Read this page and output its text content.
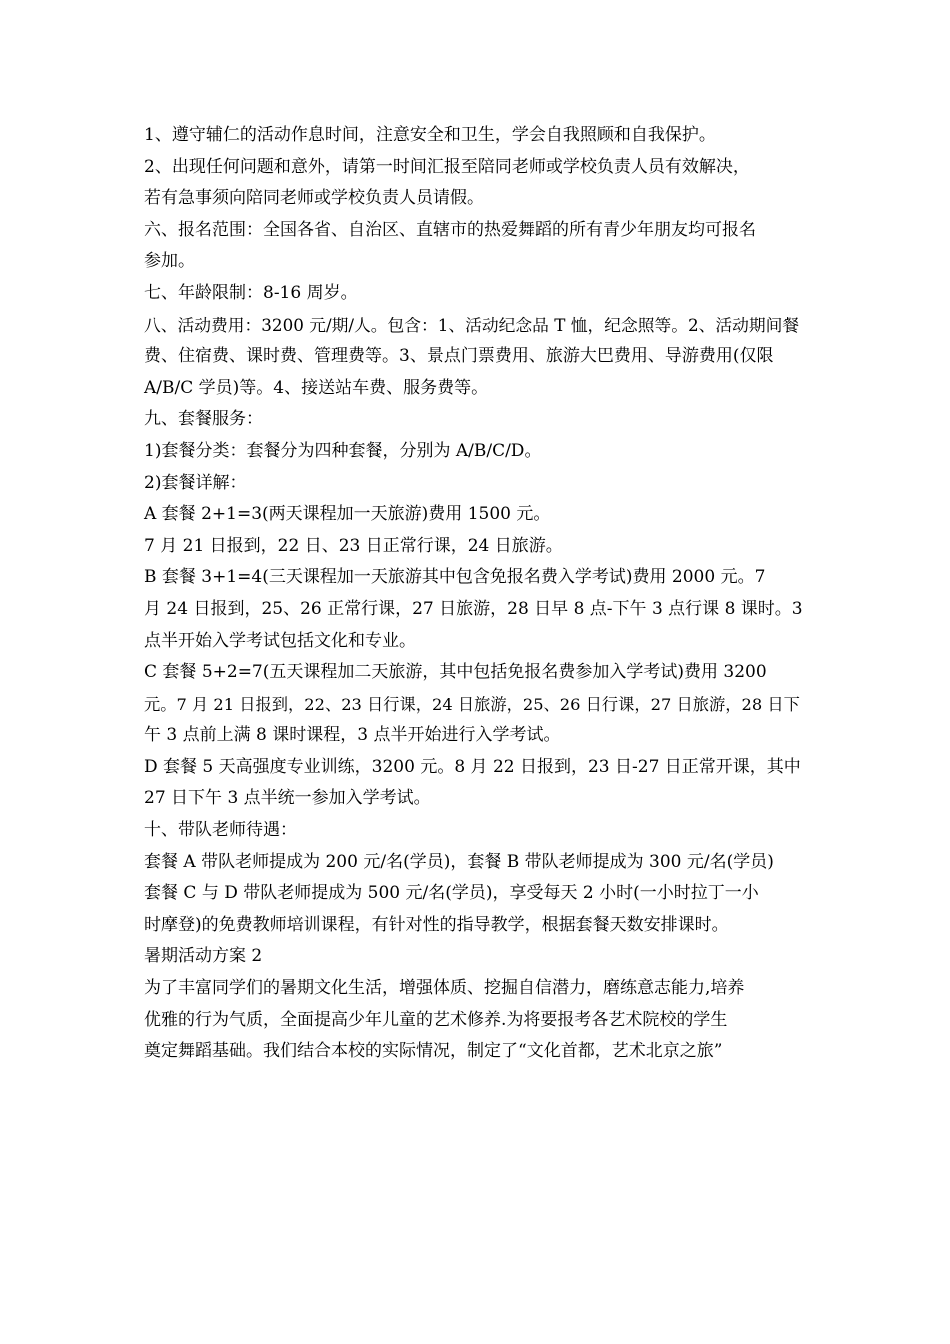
1、遵守辅仁的活动作息时间，注意安全和卫生，学会自我照顾和自我保护。
2、出现任何问题和意外，请第一时间汇报至陪同老师或学校负责人员有效解决，
若有急事须向陪同老师或学校负责人员请假。
六、报名范围：全国各省、自治区、直辖市的热爱舞蹈的所有青少年朋友均可报名
参加。
七、年龄限制：8-16 周岁。
八、活动费用：3200 元/期/人。包含：1、活动纪念品 T 恤，纪念照等。2、活动期间餐
费、住宿费、课时费、管理费等。3、景点门票费用、旅游大巴费用、导游费用(仅限
A/B/C 学员)等。4、接送站车费、服务费等。
九、套餐服务：
1)套餐分类：套餐分为四种套餐，分别为 A/B/C/D。
2)套餐详解：
A 套餐 2+1=3(两天课程加一天旅游)费用 1500 元。
7 月 21 日报到，22 日、23 日正常行课，24 日旅游。
B 套餐 3+1=4(三天课程加一天旅游其中包含免报名费入学考试)费用 2000 元。7
月 24 日报到，25、26 正常行课，27 日旅游，28 日早 8 点-下午 3 点行课 8 课时。3
点半开始入学考试包括文化和专业。
C 套餐 5+2=7(五天课程加二天旅游，其中包括免报名费参加入学考试)费用 3200
元。7 月 21 日报到，22、23 日行课，24 日旅游，25、26 日行课，27 日旅游，28 日下
午 3 点前上满 8 课时课程，3 点半开始进行入学考试。
D 套餐 5 天高强度专业训练，3200 元。8 月 22 日报到，23 日-27 日正常开课，其中
27 日下午 3 点半统一参加入学考试。
十、带队老师待遇：
套餐 A 带队老师提成为 200 元/名(学员)，套餐 B 带队老师提成为 300 元/名(学员)
套餐 C 与 D 带队老师提成为 500 元/名(学员)，享受每天 2 小时(一小时拉丁一小
时摩登)的免费教师培训课程，有针对性的指导教学，根据套餐天数安排课时。
暑期活动方案 2
为了丰富同学们的暑期文化生活，增强体质、挖掘自信潜力，磨练意志能力,培养
优雅的行为气质，全面提高少年儿童的艺术修养.为将要报考各艺术院校的学生
奠定舞蹈基础。我们结合本校的实际情况，制定了“文化首都，艺术北京之旅”
